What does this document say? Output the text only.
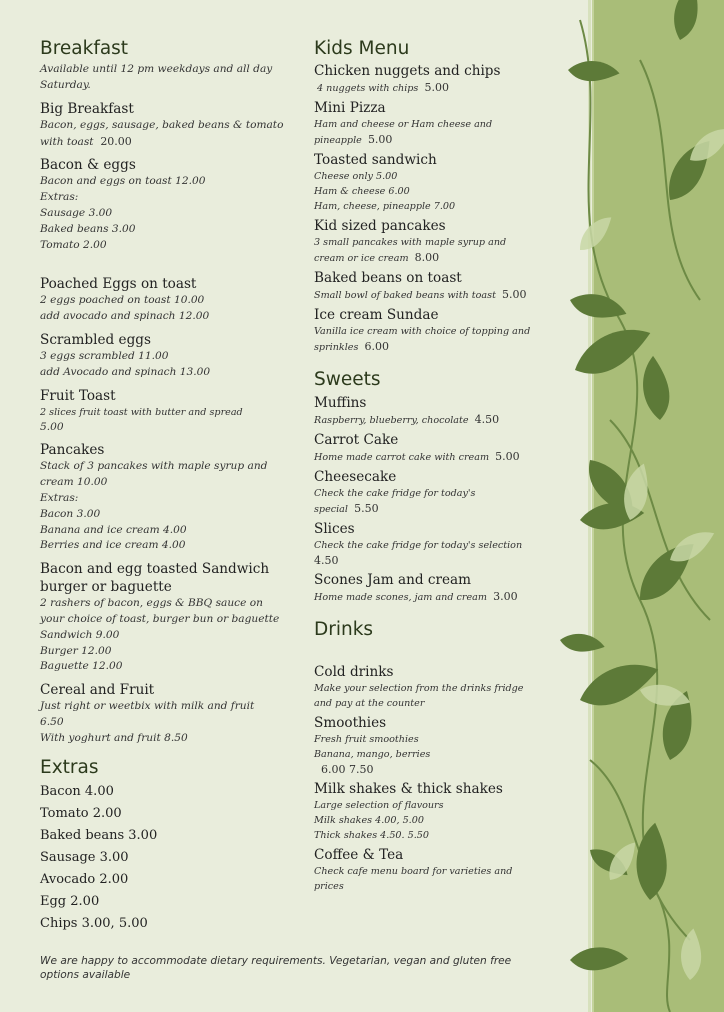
Breakfast
Available until 12 pm weekdays and all day Saturday.
Big Breakfast
Bacon, eggs, sausage, baked beans & tomato with toast 20.00
Bacon & eggs
Bacon and eggs on toast 12.00
Extras:
Sausage 3.00
Baked beans 3.00
Tomato 2.00
Poached Eggs on toast
2 eggs poached on toast 10.00
add avocado and spinach 12.00
Scrambled eggs
3 eggs scrambled 11.00
add Avocado and spinach 13.00
Fruit Toast
2 slices fruit toast with butter and spread
5.00
Pancakes
Stack of 3 pancakes with maple syrup and cream 10.00
Extras:
Bacon 3.00
Banana and ice cream 4.00
Berries and ice cream 4.00
Bacon and egg toasted Sandwich burger or baguette
2 rashers of bacon, eggs & BBQ sauce on your choice of toast, burger bun or baguette
Sandwich 9.00
Burger 12.00
Baguette 12.00
Cereal and Fruit
Just right or weetbix with milk and fruit
6.50
With yoghurt and fruit 8.50
Extras
Bacon 4.00
Tomato 2.00
Baked beans 3.00
Sausage 3.00
Avocado 2.00
Egg 2.00
Chips 3.00, 5.00
Kids Menu
Chicken nuggets and chips
4 nuggets with chips 5.00
Mini Pizza
Ham and cheese or Ham cheese and pineapple 5.00
Toasted sandwich
Cheese only 5.00
Ham & cheese 6.00
Ham, cheese, pineapple 7.00
Kid sized pancakes
3 small pancakes with maple syrup and cream or ice cream 8.00
Baked beans on toast
Small bowl of baked beans with toast 5.00
Ice cream Sundae
Vanilla ice cream with choice of topping and sprinkles 6.00
Sweets
Muffins
Raspberry, blueberry, chocolate 4.50
Carrot Cake
Home made carrot cake with cream 5.00
Cheesecake
Check the cake fridge for today's special 5.50
Slices
Check the cake fridge for today's selection
4.50
Scones Jam and cream
Home made scones, jam and cream 3.00
Drinks
Cold drinks
Make your selection from the drinks fridge and pay at the counter
Smoothies
Fresh fruit smoothies
Banana, mango, berries
6.00 7.50
Milk shakes & thick shakes
Large selection of flavours
Milk shakes 4.00, 5.00
Thick shakes 4.50. 5.50
Coffee & Tea
Check cafe menu board for varieties and prices
We are happy to accommodate dietary requirements. Vegetarian, vegan and gluten free options available
